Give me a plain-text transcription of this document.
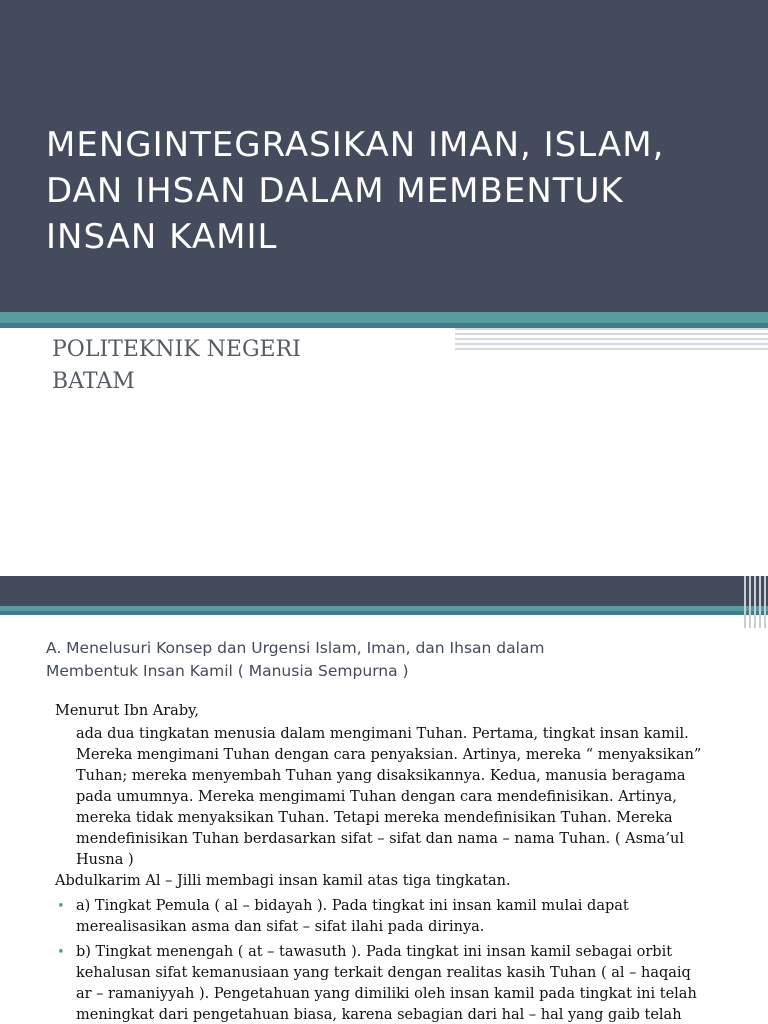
MENGINTEGRASIKAN IMAN, ISLAM,
DAN IHSAN DALAM MEMBENTUK
INSAN KAMIL
POLITEKNIK NEGERI
BATAM
A. Menelusuri Konsep dan Urgensi Islam, Iman, dan Ihsan dalam
Membentuk Insan Kamil ( Manusia Sempurna )
Menurut Ibn Araby,
ada dua tingkatan menusia dalam mengimani Tuhan. Pertama, tingkat insan kamil.
Mereka mengimani Tuhan dengan cara penyaksian. Artinya, mereka “ menyaksikan”
Tuhan; mereka menyembah Tuhan yang disaksikannya. Kedua, manusia beragama
pada umumnya. Mereka mengimami Tuhan dengan cara mendefinisikan. Artinya,
mereka tidak menyaksikan Tuhan. Tetapi mereka mendefinisikan Tuhan. Mereka
mendefinisikan Tuhan berdasarkan sifat – sifat dan nama – nama Tuhan. ( Asma’ul
Husna )
Abdulkarim Al – Jilli membagi insan kamil atas tiga tingkatan.
• a) Tingkat Pemula ( al – bidayah ). Pada tingkat ini insan kamil mulai dapat
merealisasikan asma dan sifat – sifat ilahi pada dirinya.
• b) Tingkat menengah ( at – tawasuth ). Pada tingkat ini insan kamil sebagai orbit
kehalusan sifat kemanusiaan yang terkait dengan realitas kasih Tuhan ( al – haqaiq
ar – ramaniyyah ). Pengetahuan yang dimiliki oleh insan kamil pada tingkat ini telah
meningkat dari pengetahuan biasa, karena sebagian dari hal – hal yang gaib telah
